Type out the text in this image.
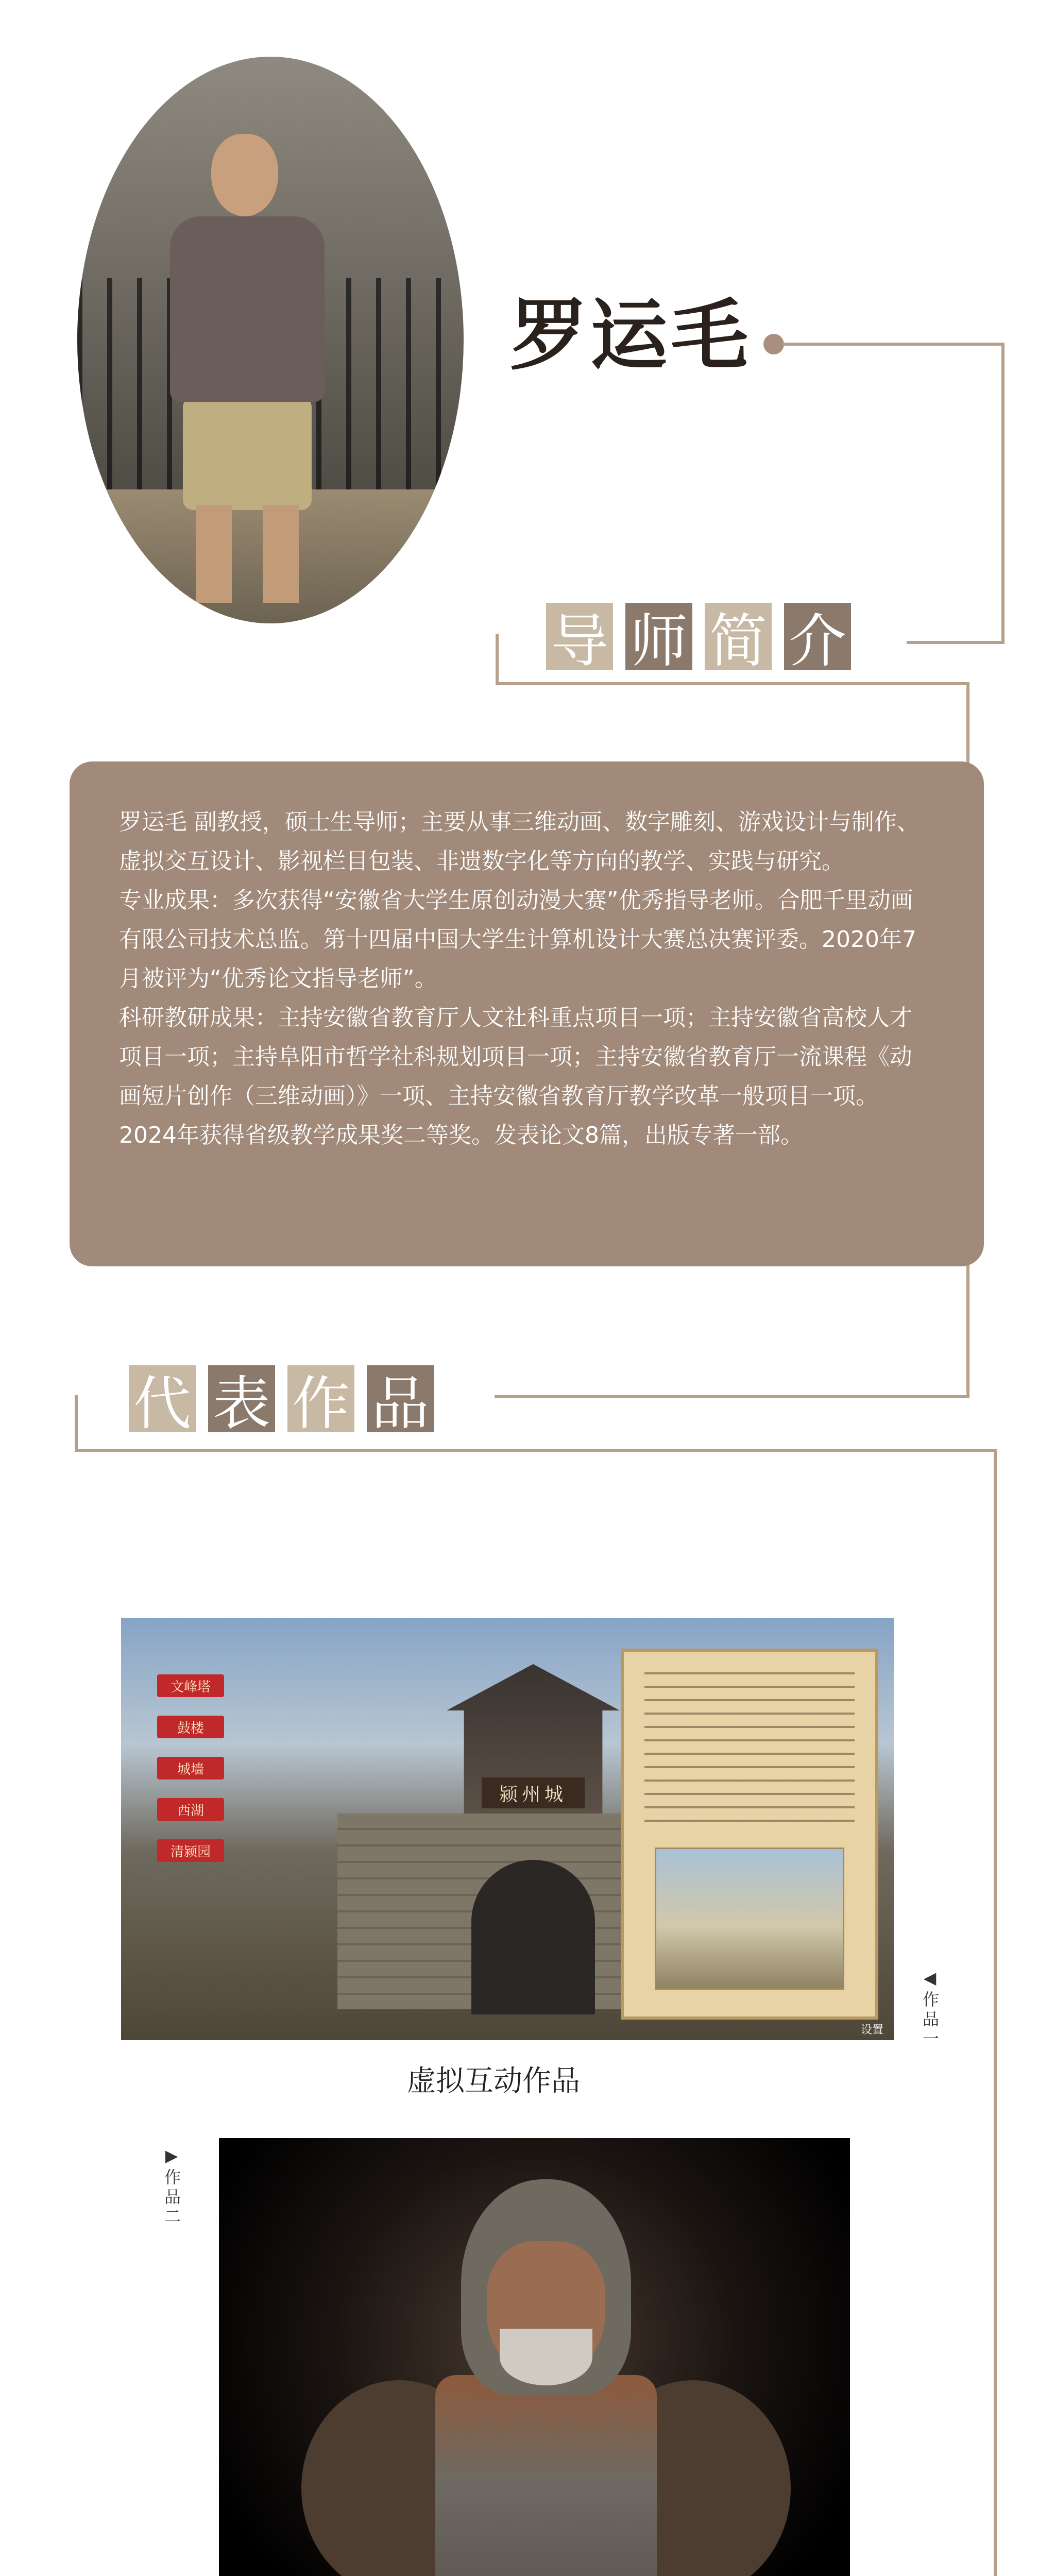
罗运毛
导 师 简 介

罗运毛 副教授，硕士生导师；主要从事三维动画、数字雕刻、游戏设计与制作、虚拟交互设计、影视栏目包装、非遗数字化等方向的教学、实践与研究。

专业成果：多次获得“安徽省大学生原创动漫大赛”优秀指导老师。合肥千里动画有限公司技术总监。第十四届中国大学生计算机设计大赛总决赛评委。2020年7月被评为“优秀论文指导老师”。

科研教研成果：主持安徽省教育厅人文社科重点项目一项；主持安徽省高校人才项目一项；主持阜阳市哲学社科规划项目一项；主持安徽省教育厅一流课程《动画短片创作（三维动画）》一项、主持安徽省教育厅教学改革一般项目一项。2024年获得省级教学成果奖二等奖。发表论文8篇，出版专著一部。

代 表 作 品
颍州城
文峰塔
鼓楼
城墙
西湖
清颍园
设置 ◀作品一
虚拟互动作品
▶作品二
